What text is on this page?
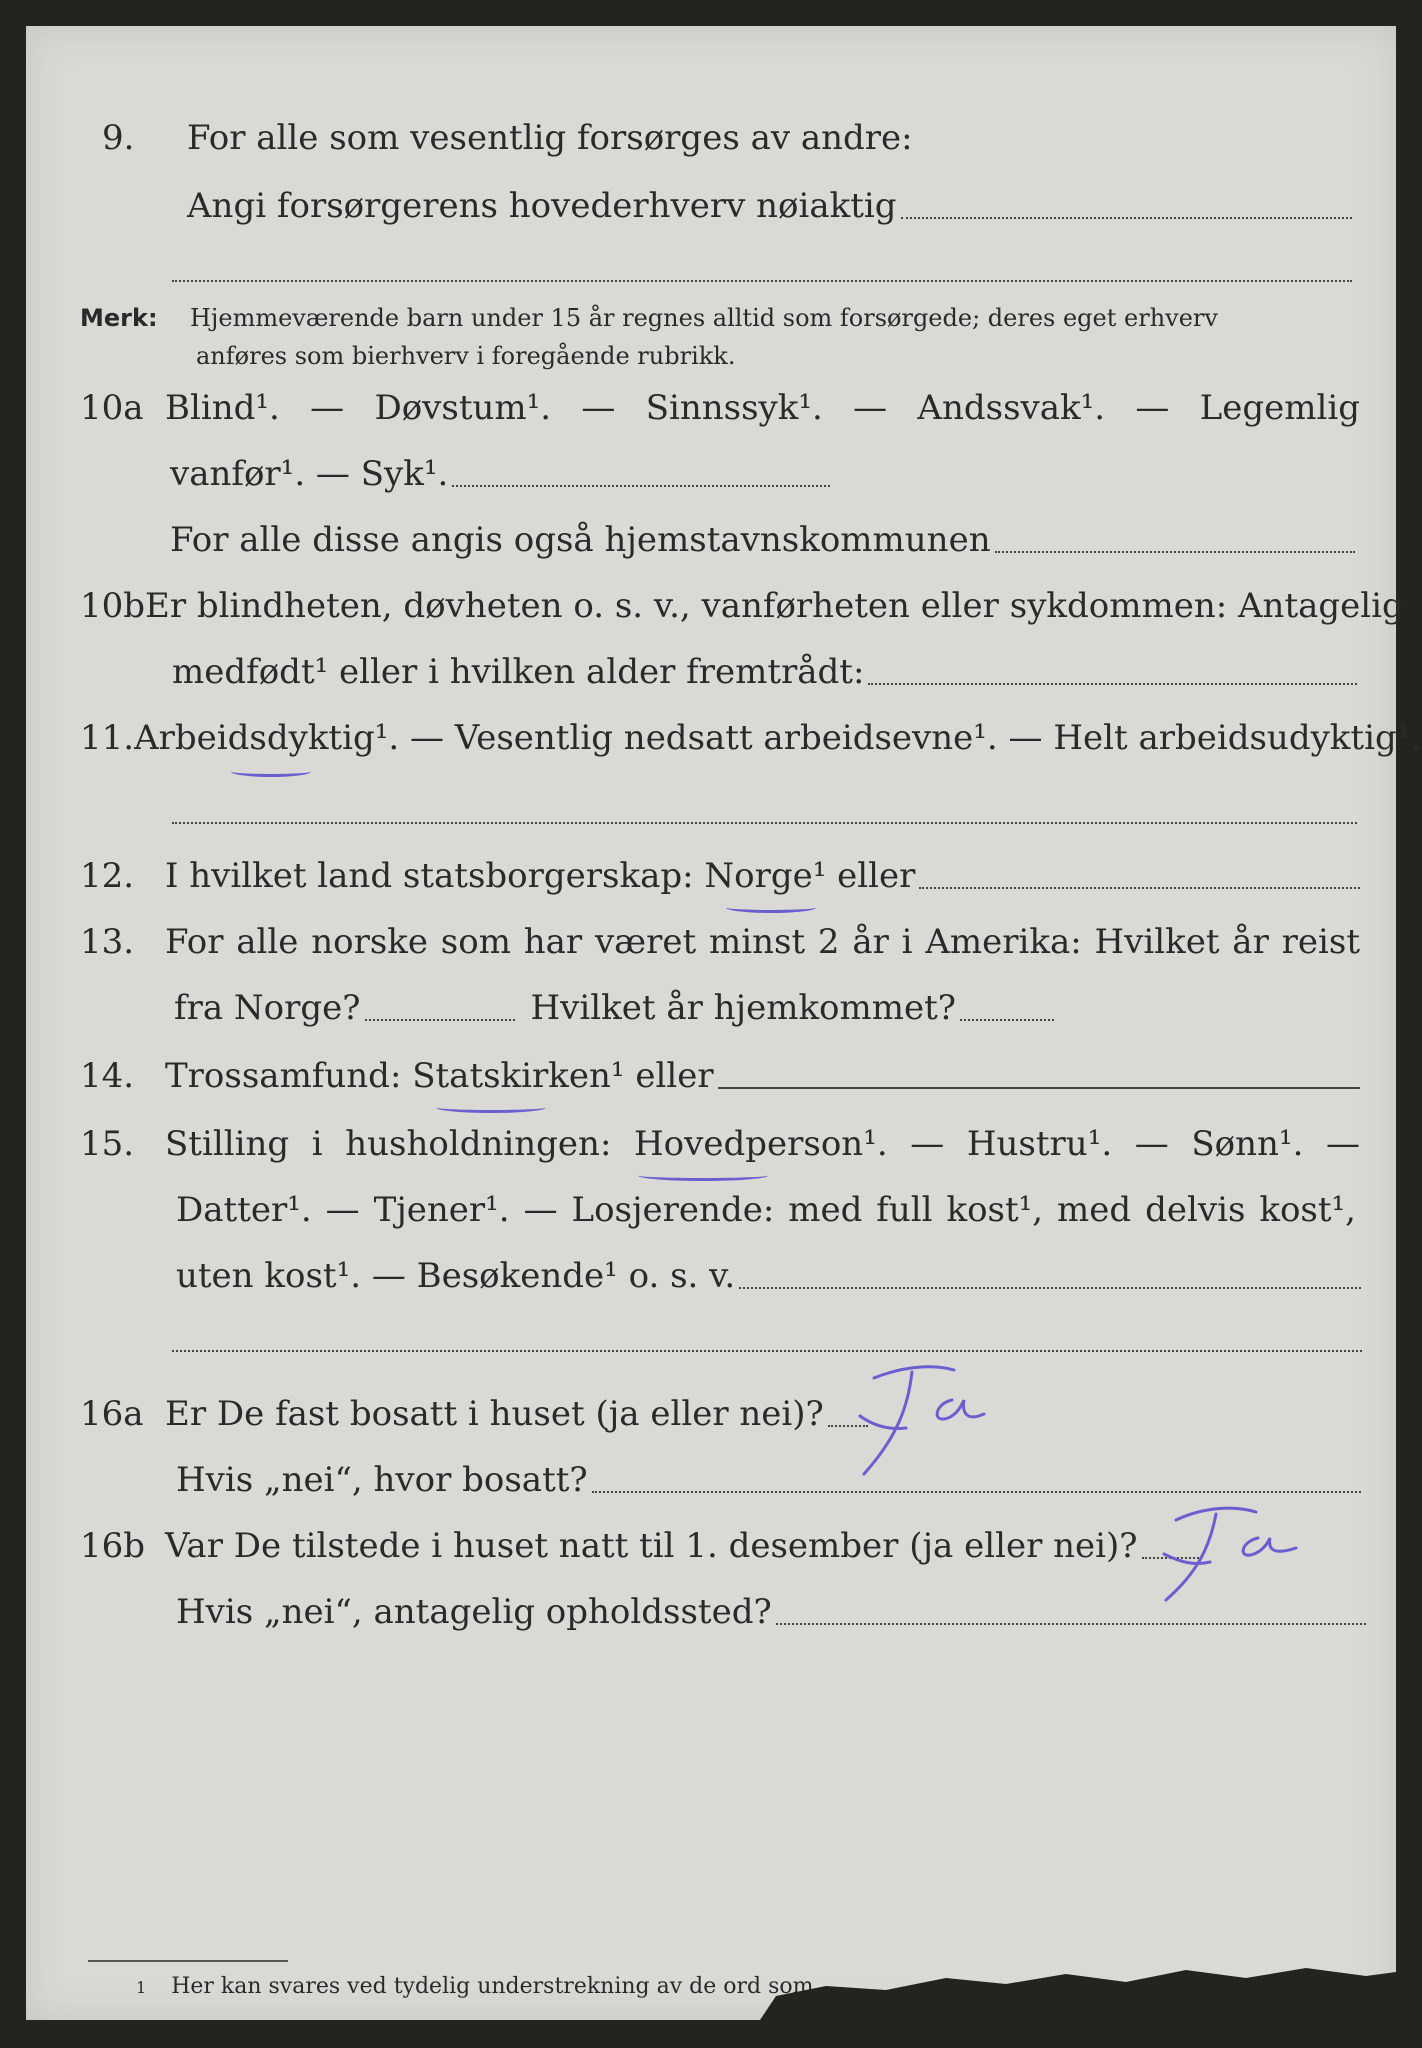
9.	For alle som vesentlig forsørges av andre:
Angi forsørgerens hovederhverv nøiaktig
Merk:	Hjemmeværende barn under 15 år regnes alltid som forsørgede; deres eget erhverv
anføres som bierhverv i foregående rubrikk.
10a Blind¹. — Døvstum¹. — Sinnssyk¹. — Andssvak¹. — Legemlig
vanfør¹. — Syk¹.
For alle disse angis også hjemstavnskommunen
10b Er blindheten, døvheten o. s. v., vanførheten eller sykdommen: Antagelig
medfødt¹ eller i hvilken alder fremtrådt:
11. Arbeidsdyktig¹. — Vesentlig nedsatt arbeidsevne¹. — Helt arbeidsudyktig¹.
12. I hvilket land statsborgerskap: Norge¹ eller
13. For alle norske som har været minst 2 år i Amerika: Hvilket år reist
fra Norge?	Hvilket år hjemkommet?
14. Trossamfund: Statskirken¹ eller
15. Stilling i husholdningen: Hovedperson¹. — Hustru¹. — Sønn¹. —
Datter¹. — Tjener¹. — Losjerende: med full kost¹, med delvis kost¹,
uten kost¹. — Besøkende¹ o. s. v.
16a Er De fast bosatt i huset (ja eller nei)?
Ja
Hvis „nei“, hvor bosatt?
16b Var De tilstede i huset natt til 1. desember (ja eller nei)?
Ja
Hvis „nei“, antagelig opholdssted?
1 Her kan svares ved tydelig understrekning av de ord som
